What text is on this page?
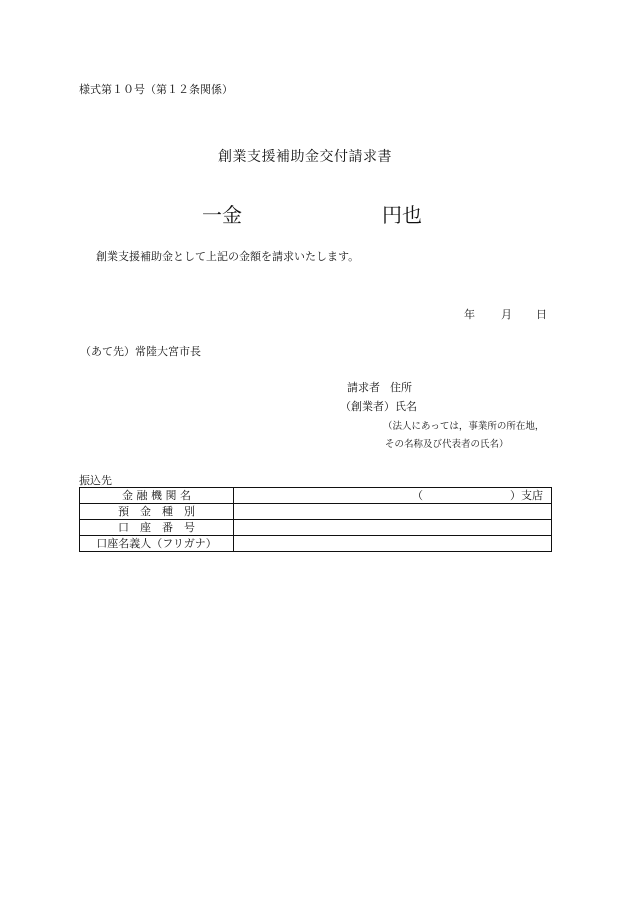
様式第１０号（第１２条関係）
創業支援補助金交付請求書
一金	円也
創業支援補助金として上記の金額を請求いたします。
年 月 日
（あて先）常陸大宮市長
請求者 住所
（創業者）氏名
（法人にあっては，事業所の所在地，
その名称及び代表者の氏名）
振込先
金 融 機 関 名	（ ）支店

預　金　種　別	
口　座　番　号	
口座名義人（フリガナ）	
